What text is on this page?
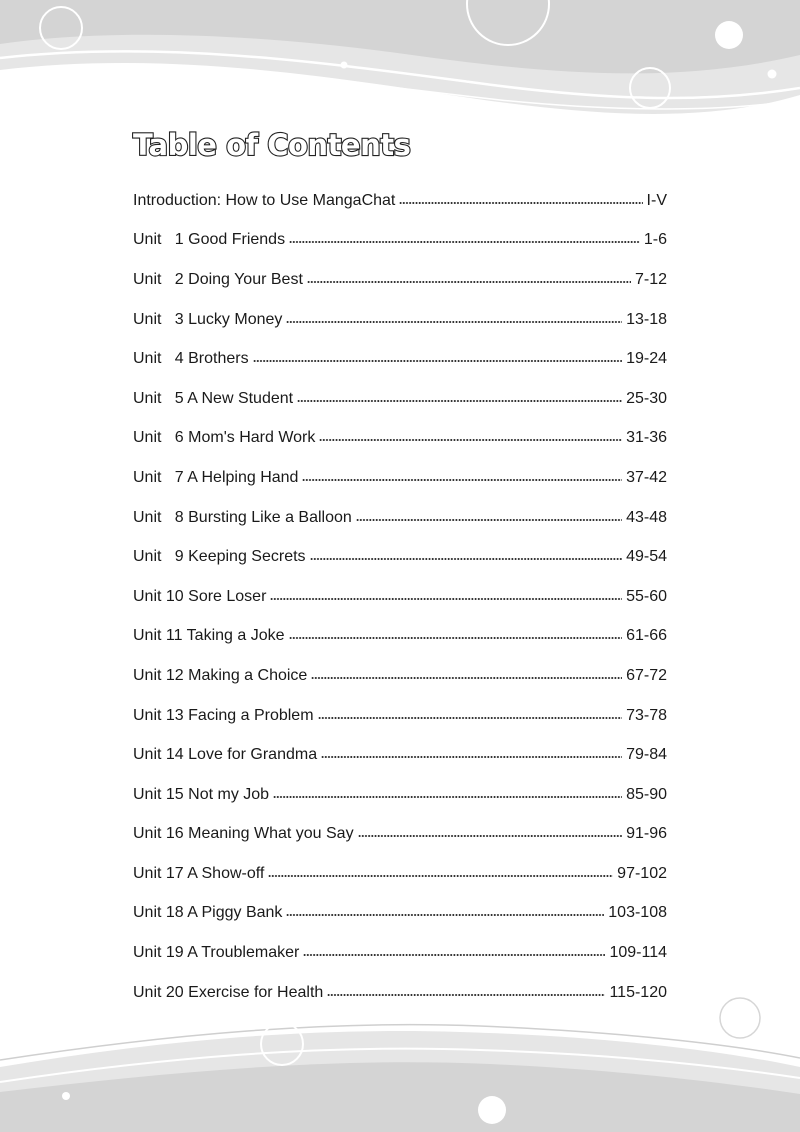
Table of Contents
Introduction: How to Use MangaChat	I-V
Unit   1 Good Friends	1-6
Unit   2 Doing Your Best	7-12
Unit   3 Lucky Money	13-18
Unit   4 Brothers	19-24
Unit   5 A New Student	25-30
Unit   6 Mom's Hard Work	31-36
Unit   7 A Helping Hand	37-42
Unit   8 Bursting Like a Balloon	43-48
Unit   9 Keeping Secrets	49-54
Unit 10 Sore Loser	55-60
Unit 11 Taking a Joke	61-66
Unit 12 Making a Choice	67-72
Unit 13 Facing a Problem	73-78
Unit 14 Love for Grandma	79-84
Unit 15 Not my Job	85-90
Unit 16 Meaning What you Say	91-96
Unit 17 A Show-off	97-102
Unit 18 A Piggy Bank	103-108
Unit 19 A Troublemaker	109-114
Unit 20 Exercise for Health	115-120
